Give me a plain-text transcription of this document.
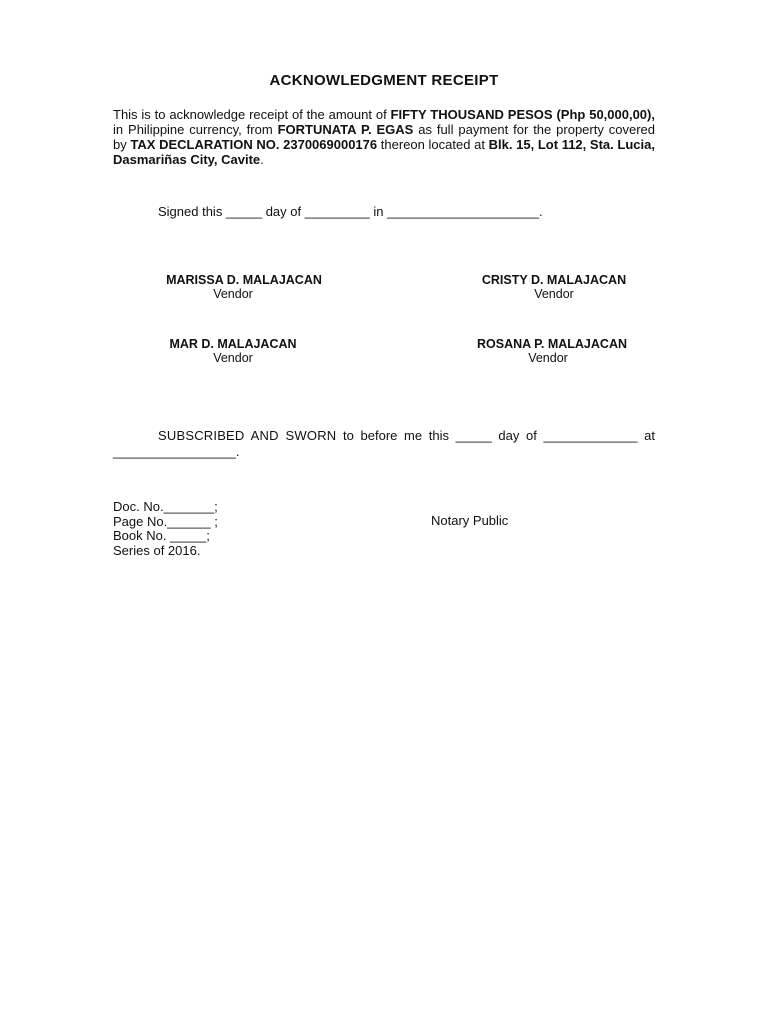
ACKNOWLEDGMENT RECEIPT
This is to acknowledge receipt of the amount of FIFTY THOUSAND PESOS (Php 50,000,00), in Philippine currency, from FORTUNATA P. EGAS as full payment for the property covered by TAX DECLARATION NO. 2370069000176 thereon located at Blk. 15, Lot 112, Sta. Lucia, Dasmariñas City, Cavite.
Signed this _____ day of _________ in _____________________.
MARISSA D. MALAJACAN
Vendor
CRISTY D. MALAJACAN
Vendor
MAR D. MALAJACAN
Vendor
ROSANA P. MALAJACAN
Vendor
SUBSCRIBED AND SWORN to before me this _____ day of _____________ at _________________.
Doc. No._______;
Page No.______ ;
Book No. _____;
Series of 2016.
Notary Public
